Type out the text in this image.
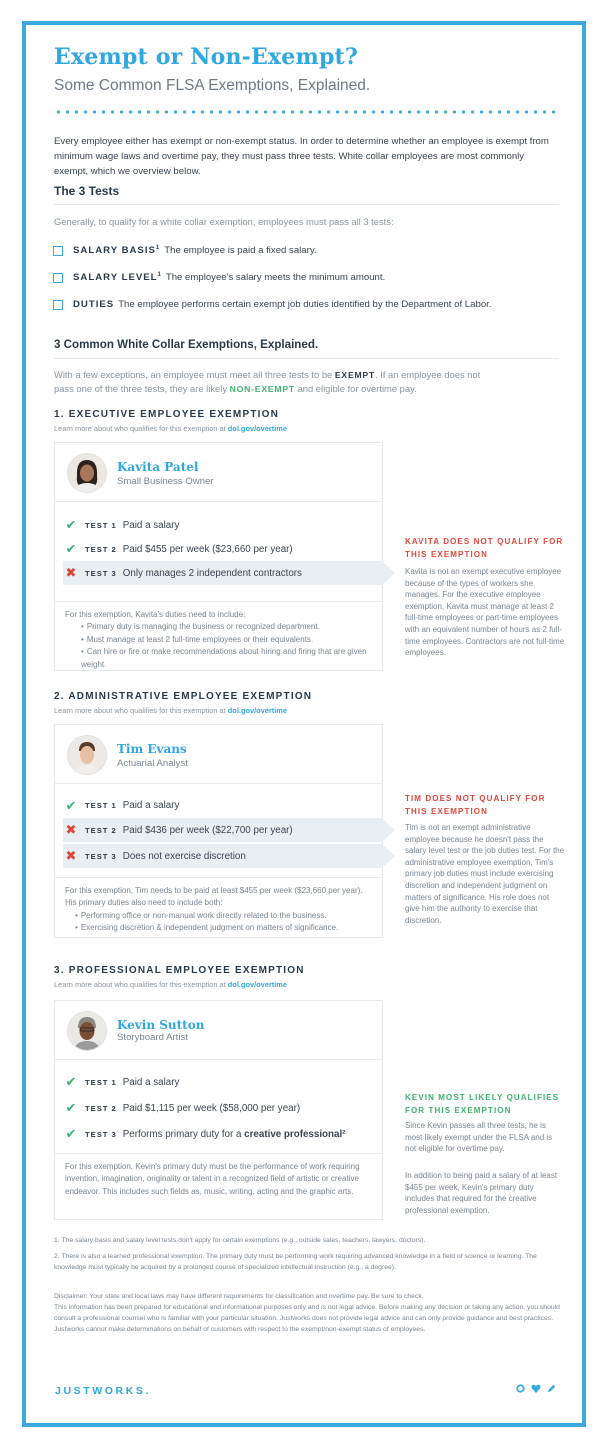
Exempt or Non-Exempt?
Some Common FLSA Exemptions, Explained.
Every employee either has exempt or non-exempt status. In order to determine whether an employee is exempt from minimum wage laws and overtime pay, they must pass three tests. White collar employees are most commonly exempt, which we overview below.
The 3 Tests
Generally, to qualify for a white collar exemption, employees must pass all 3 tests:
SALARY BASIS$^1$ The employee is paid a fixed salary.
SALARY LEVEL$^1$ The employee's salary meets the minimum amount.
DUTIES The employee performs certain exempt job duties identified by the Department of Labor.
3 Common White Collar Exemptions, Explained.
With a few exceptions, an employee must meet all three tests to be EXEMPT. If an employee does not
pass one of the three tests, they are likely NON-EXEMPT and eligible for overtime pay.
1. EXECUTIVE EMPLOYEE EXEMPTION
Learn more about who qualifies for this exemption at dol.gov/overtime
Kavita Patel
Small Business Owner
✔	TEST 1 Paid a salary
✔	TEST 2 Paid $455 per week ($23,660 per year)
✖	TEST 3 Only manages 2 independent contractors
For this exemption, Kavita's duties need to include:
• Primary duty is managing the business or recognized department.
• Must manage at least 2 full-time employees or their equivalents.
• Can hire or fire or make recommendations about hiring and firing that are given weight.
KAVITA DOES NOT QUALIFY FOR THIS EXEMPTION
Kavita is not an exempt executive employee because of the types of workers she manages. For the executive employee exemption, Kavita must manage at least 2 full-time employees or part-time employees with an equivalent number of hours as 2 full-time employees. Contractors are not full-time employees.
2. ADMINISTRATIVE EMPLOYEE EXEMPTION
Learn more about who qualifies for this exemption at dol.gov/overtime
Tim Evans
Actuarial Analyst
✔	TEST 1 Paid a salary
✖	TEST 2 Paid $436 per week ($22,700 per year)
✖	TEST 3 Does not exercise discretion
For this exemption, Tim needs to be paid at least $455 per week ($23,660 per year). His primary duties also need to include both:
• Performing office or non-manual work directly related to the business.
• Exercising discretion & independent judgment on matters of significance.
TIM DOES NOT QUALIFY FOR THIS EXEMPTION
Tim is not an exempt administrative employee because he doesn't pass the salary level test or the job duties test. For the administrative employee exemption, Tim's primary job duties must include exercising discretion and independent judgment on matters of significance. His role does not give him the authority to exercise that discretion.
3. PROFESSIONAL EMPLOYEE EXEMPTION
Learn more about who qualifies for this exemption at dol.gov/overtime
Kevin Sutton
Storyboard Artist
✔	TEST 1 Paid a salary
✔	TEST 2 Paid $1,115 per week ($58,000 per year)
✔	TEST 3 Performs primary duty for a
creative professional²
For this exemption, Kevin's primary duty must be the performance of work requiring invention, imagination, originality or talent in a recognized field of artistic or creative endeavor. This includes such fields as, music, writing, acting and the graphic arts.
KEVIN MOST LIKELY QUALIFIES FOR THIS EXEMPTION
Since Kevin passes all three tests, he is most likely exempt under the FLSA and is not eligible for overtime pay.
In addition to being paid a salary of at least $455 per week, Kevin's primary duty includes that required for the creative professional exemption.
1. The salary basis and salary level tests don't apply for certain exemptions (e.g., outside sales, teachers, lawyers, doctors).
2. There is also a learned professional exemption. The primary duty must be performing work requiring advanced knowledge in a field of science or learning. The knowledge must typically be acquired by a prolonged course of specialized intellectual instruction (e.g., a degree).
Disclaimer: Your state and local laws may have different requirements for classification and overtime pay. Be sure to check.
This information has been prepared for educational and informational purposes only and is not legal advice. Before making any decision or taking any action, you should consult a professional counsel who is familiar with your particular situation. Justworks does not provide legal advice and can only provide guidance and best practices. Justworks cannot make determinations on behalf of customers with respect to the exempt/non-exempt status of employees.
JUSTWORKS.
